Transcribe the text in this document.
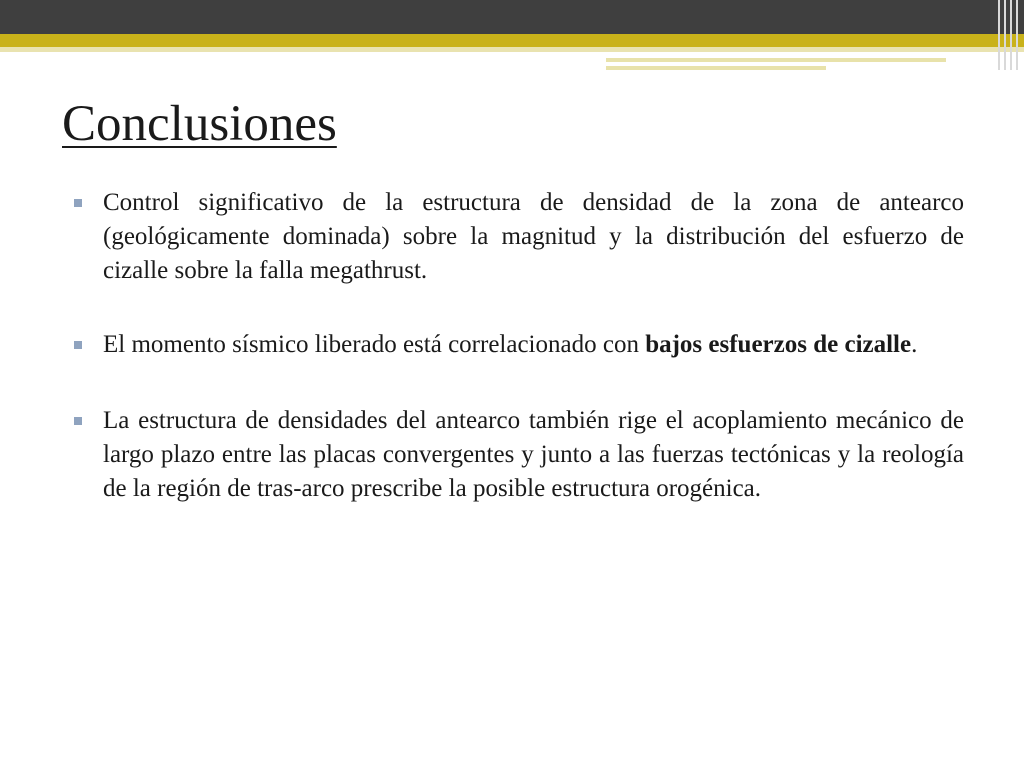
Conclusiones
Control significativo de la estructura de densidad de la zona de antearco (geológicamente dominada) sobre la magnitud y la distribución del esfuerzo de cizalle sobre la falla megathrust.
El momento sísmico liberado está correlacionado con bajos esfuerzos de cizalle.
La estructura de densidades del antearco también rige el acoplamiento mecánico de largo plazo entre las placas convergentes y junto a las fuerzas tectónicas y la reología de la región de tras-arco prescribe la posible estructura orogénica.
